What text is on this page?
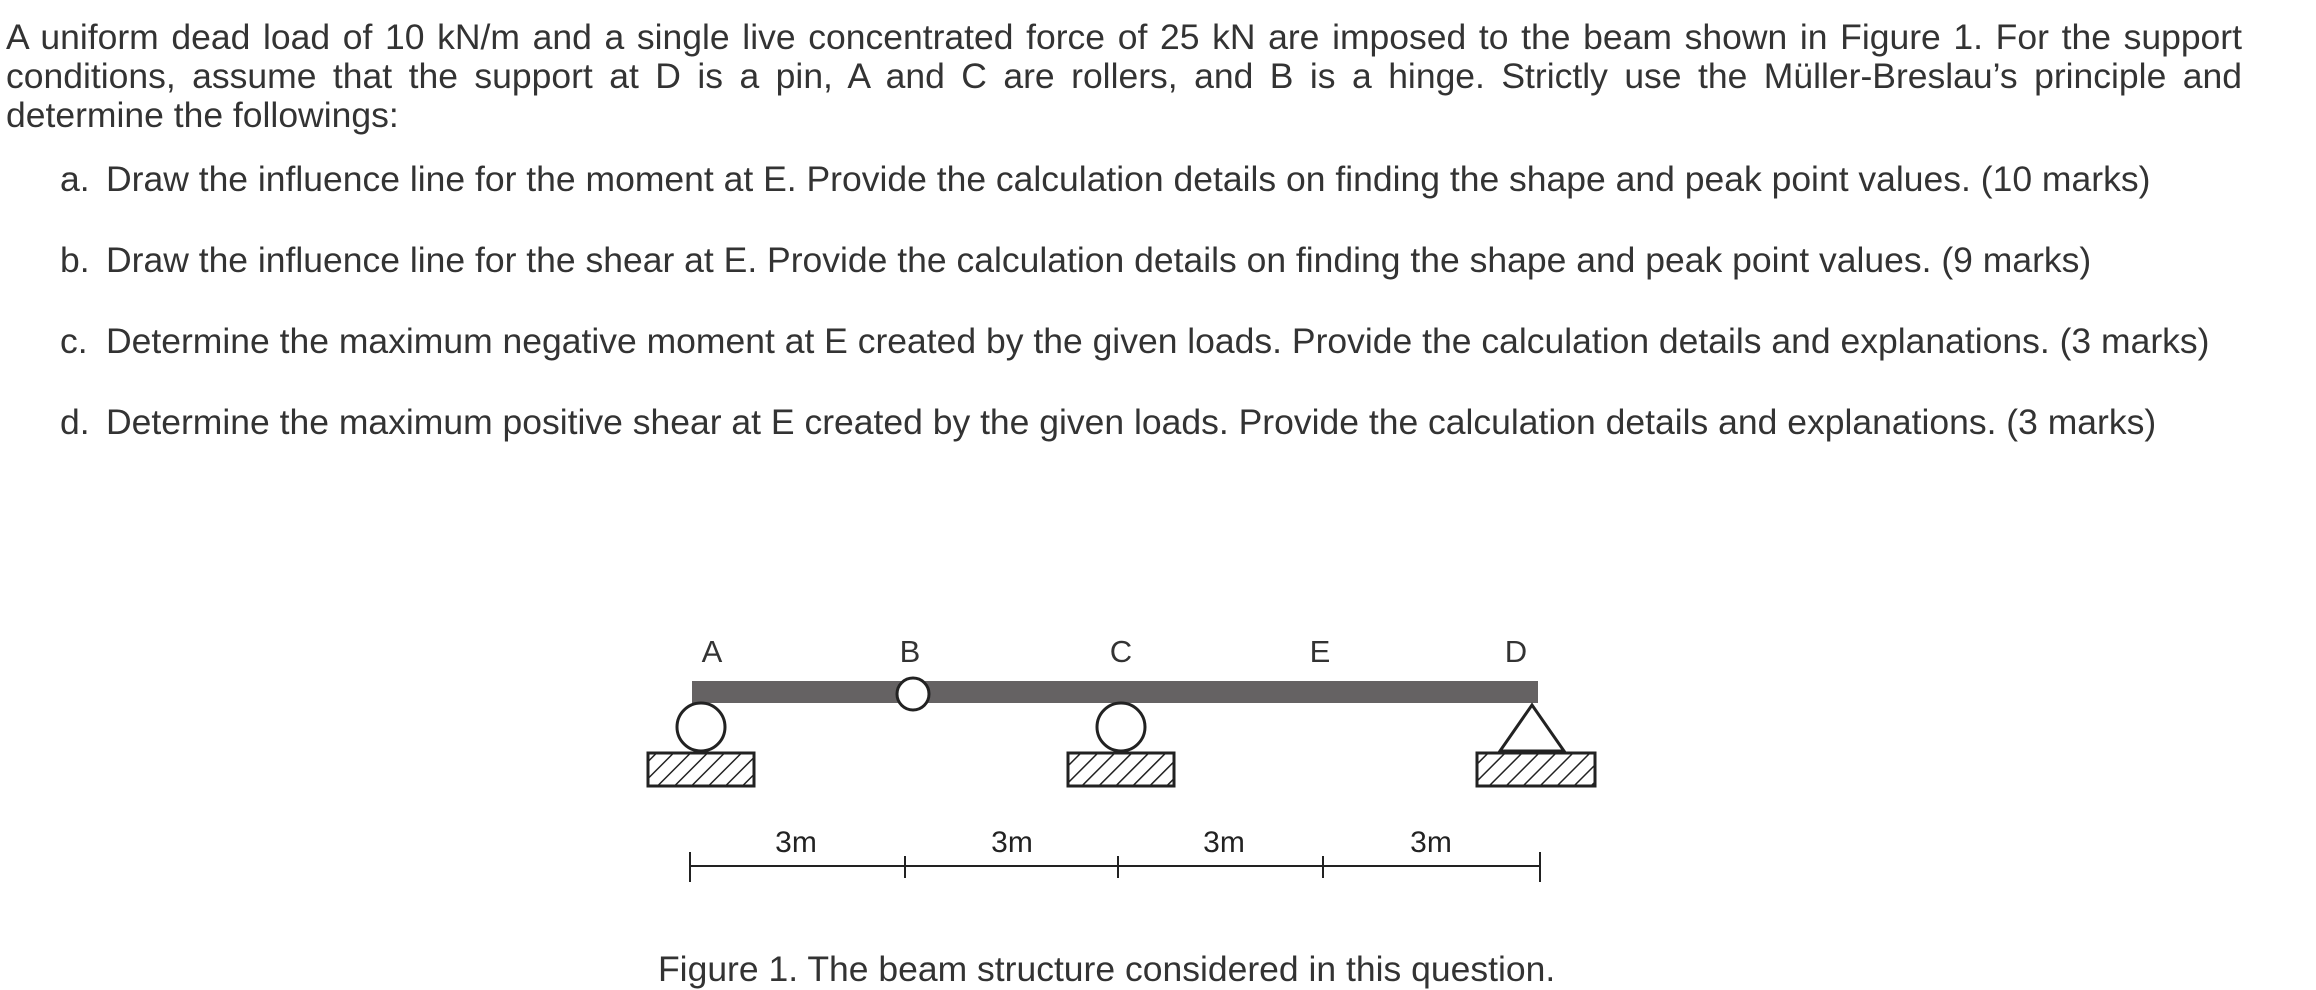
A uniform dead load of 10 kN/m and a single live concentrated force of 25 kN are imposed to the beam shown in Figure 1. For the support conditions, assume that the support at D is a pin, A and C are rollers, and B is a hinge. Strictly use the Müller-Breslau’s principle and determine the followings:

a. Draw the influence line for the moment at E. Provide the calculation details on finding the shape and peak point values. (10 marks)
b. Draw the influence line for the shear at E. Provide the calculation details on finding the shape and peak point values. (9 marks)
c. Determine the maximum negative moment at E created by the given loads. Provide the calculation details and explanations. (3 marks)
d. Determine the maximum positive shear at E created by the given loads. Provide the calculation details and explanations. (3 marks)
A	B	C	E	D
3m	3m	3m	3m

Figure 1. The beam structure considered in this question.
